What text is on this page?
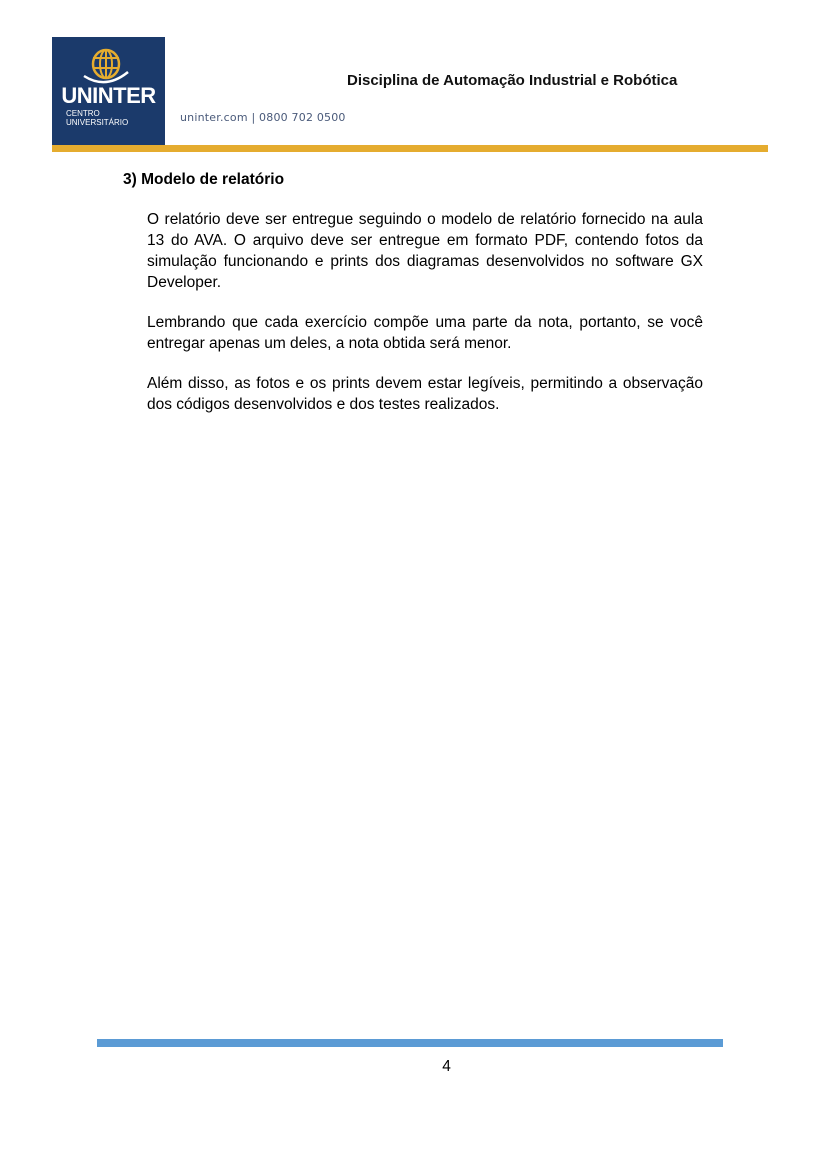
UNINTER
CENTRO
UNIVERSITÁRIO	uninter.com | 0800 702 0500
Disciplina de Automação Industrial e Robótica
3) Modelo de relatório

O relatório deve ser entregue seguindo o modelo de relatório fornecido na aula 13 do AVA. O arquivo deve ser entregue em formato PDF, contendo fotos da simulação funcionando e prints dos diagramas desenvolvidos no software GX Developer.

Lembrando que cada exercício compõe uma parte da nota, portanto, se você entregar apenas um deles, a nota obtida será menor.

Além disso, as fotos e os prints devem estar legíveis, permitindo a observação dos códigos desenvolvidos e dos testes realizados.

4
